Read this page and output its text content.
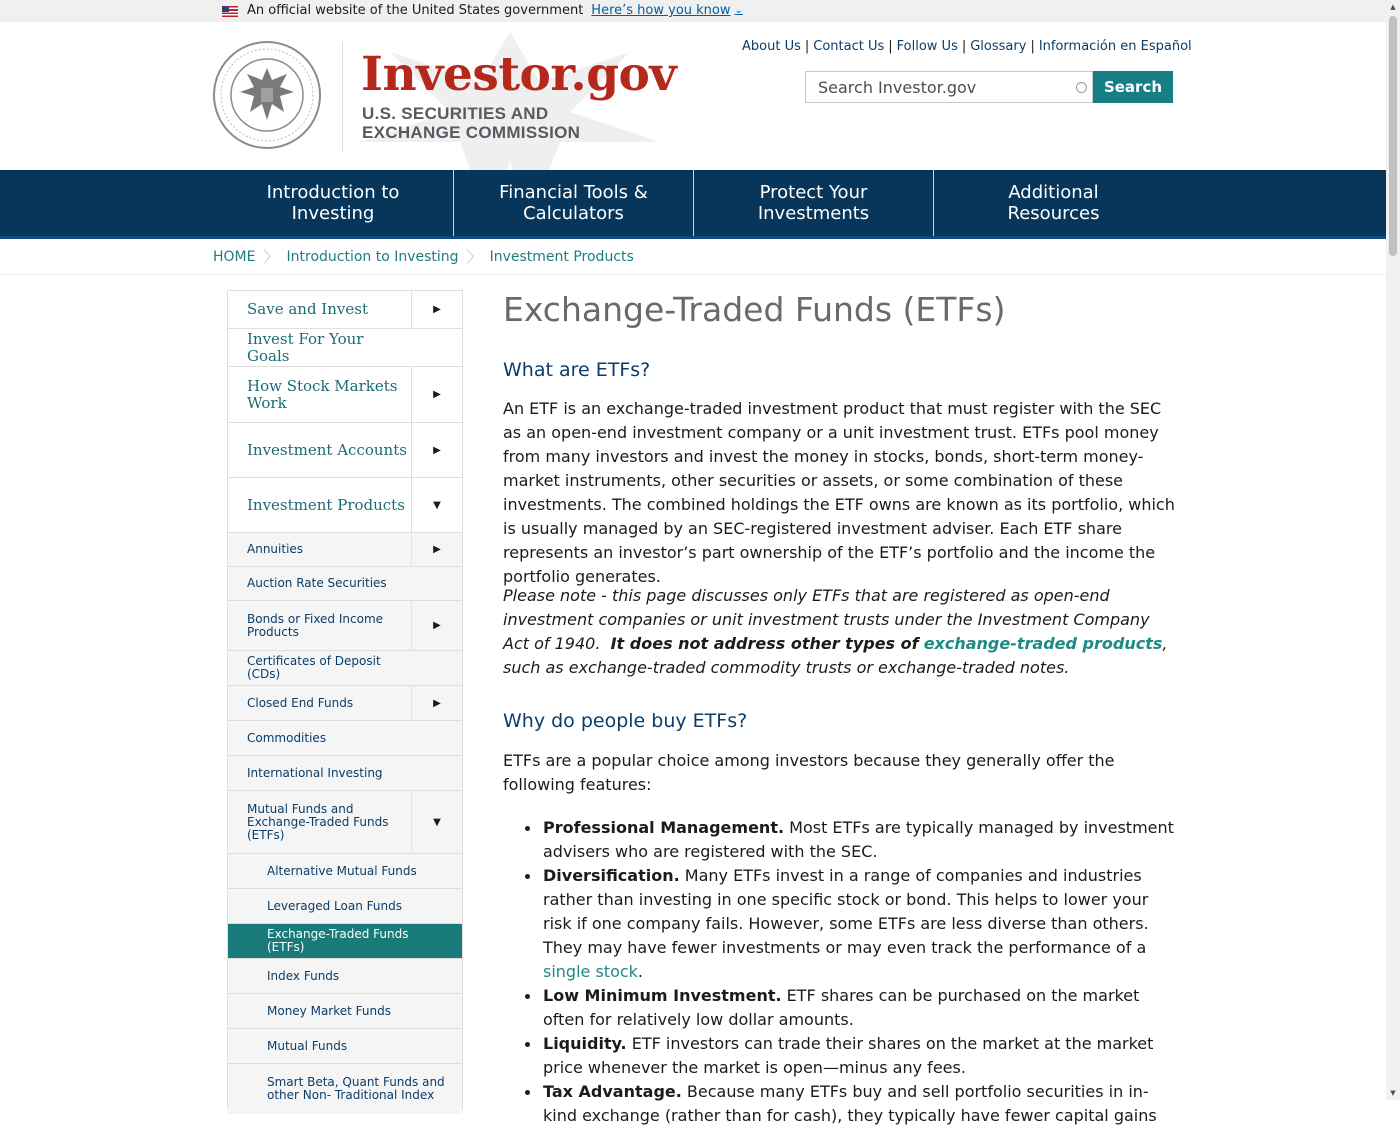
An official website of the United States government Here’s how you know ⌄
Investor.gov
U.S. SECURITIES AND
EXCHANGE COMMISSION
About Us | Contact Us | Follow Us | Glossary | Información en Español
Search Investor.gov
Search
Introduction to
Investing
Financial Tools &
Calculators
Protect Your
Investments
Additional
Resources
HOME 〉 Introduction to Investing 〉 Investment Products
Save and Invest	▶
Invest For Your Goals
How Stock Markets Work	▶
Investment Accounts	▶
Investment Products	▼
Annuities	▶
Auction Rate Securities
Bonds or Fixed Income Products	▶
Certificates of Deposit (CDs)
Closed End Funds	▶
Commodities
International Investing
Mutual Funds and Exchange-Traded Funds (ETFs)
▼
Alternative Mutual Funds
Leveraged Loan Funds
Exchange-Traded Funds (ETFs)
Index Funds
Money Market Funds
Mutual Funds
Smart Beta, Quant Funds and other Non- Traditional Index
Exchange-Traded Funds (ETFs)
What are ETFs?

An ETF is an exchange-traded investment product that must register with the SEC as an open-end investment company or a unit investment trust. ETFs pool money from many investors and invest the money in stocks, bonds, short-term money-market instruments, other securities or assets, or some combination of these investments. The combined holdings the ETF owns are known as its portfolio, which is usually managed by an SEC-registered investment adviser. Each ETF share represents an investor’s part ownership of the ETF’s portfolio and the income the portfolio generates.

Please note - this page discusses only ETFs that are registered as open-end investment companies or unit investment trusts under the Investment Company Act of 1940. It does not address other types of exchange-traded products, such as exchange-traded commodity trusts or exchange-traded notes.

Why do people buy ETFs?

ETFs are a popular choice among investors because they generally offer the following features:

Professional Management. Most ETFs are typically managed by investment advisers who are registered with the SEC.
Diversification. Many ETFs invest in a range of companies and industries rather than investing in one specific stock or bond. This helps to lower your risk if one company fails. However, some ETFs are less diverse than others. They may have fewer investments or may even track the performance of a single stock.
Low Minimum Investment. ETF shares can be purchased on the market often for relatively low dollar amounts.
Liquidity. ETF investors can trade their shares on the market at the market price whenever the market is open—minus any fees.
Tax Advantage. Because many ETFs buy and sell portfolio securities in in-kind exchange (rather than for cash), they typically have fewer capital gains
▲
▼
